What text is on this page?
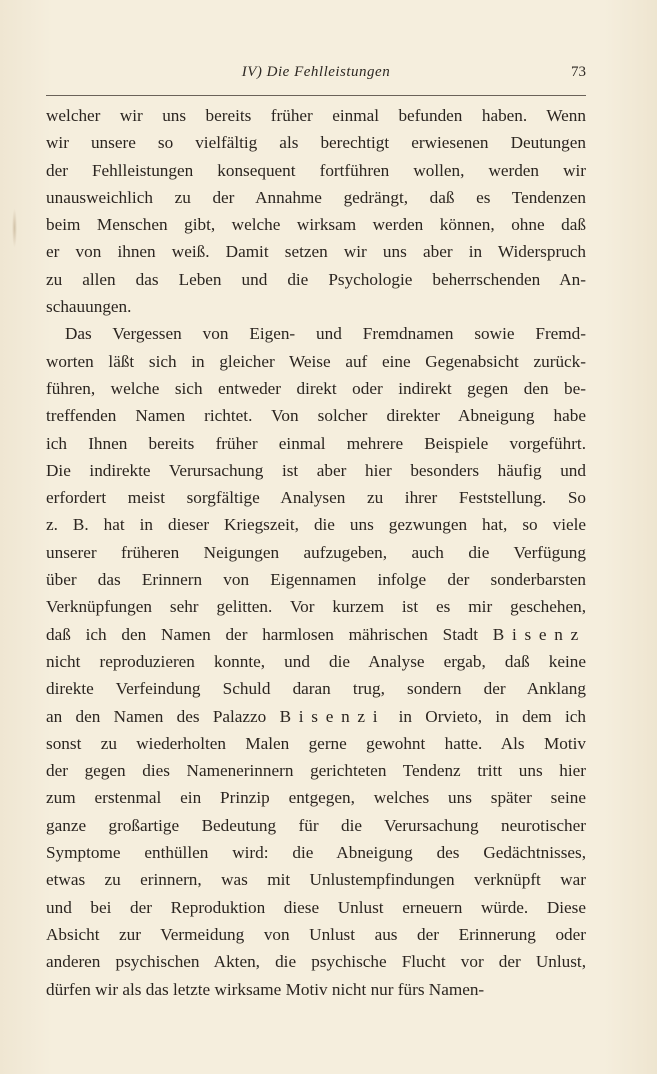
IV) Die Fehlleistungen	73
welcher wir uns bereits früher einmal befunden haben. Wenn
wir unsere so vielfältig als berechtigt erwiesenen Deutungen
der Fehlleistungen konsequent fortführen wollen, werden wir
unausweichlich zu der Annahme gedrängt, daß es Tendenzen
beim Menschen gibt, welche wirksam werden können, ohne daß
er von ihnen weiß. Damit setzen wir uns aber in Widerspruch
zu allen das Leben und die Psychologie beherrschenden An-
schauungen.
Das Vergessen von Eigen- und Fremdnamen sowie Fremd-
worten läßt sich in gleicher Weise auf eine Gegenabsicht zurück-
führen, welche sich entweder direkt oder indirekt gegen den be-
treffenden Namen richtet. Von solcher direkter Abneigung habe
ich Ihnen bereits früher einmal mehrere Beispiele vorgeführt.
Die indirekte Verursachung ist aber hier besonders häufig und
erfordert meist sorgfältige Analysen zu ihrer Feststellung. So
z. B. hat in dieser Kriegszeit, die uns gezwungen hat, so viele
unserer früheren Neigungen aufzugeben, auch die Verfügung
über das Erinnern von Eigennamen infolge der sonderbarsten
Verknüpfungen sehr gelitten. Vor kurzem ist es mir geschehen,
daß ich den Namen der harmlosen mährischen Stadt Bisenz
nicht reproduzieren konnte, und die Analyse ergab, daß keine
direkte Verfeindung Schuld daran trug, sondern der Anklang
an den Namen des Palazzo Bisenzi in Orvieto, in dem ich
sonst zu wiederholten Malen gerne gewohnt hatte. Als Motiv
der gegen dies Namenerinnern gerichteten Tendenz tritt uns hier
zum erstenmal ein Prinzip entgegen, welches uns später seine
ganze großartige Bedeutung für die Verursachung neurotischer
Symptome enthüllen wird: die Abneigung des Gedächtnisses,
etwas zu erinnern, was mit Unlustempfindungen verknüpft war
und bei der Reproduktion diese Unlust erneuern würde. Diese
Absicht zur Vermeidung von Unlust aus der Erinnerung oder
anderen psychischen Akten, die psychische Flucht vor der Unlust,
dürfen wir als das letzte wirksame Motiv nicht nur fürs Namen-
